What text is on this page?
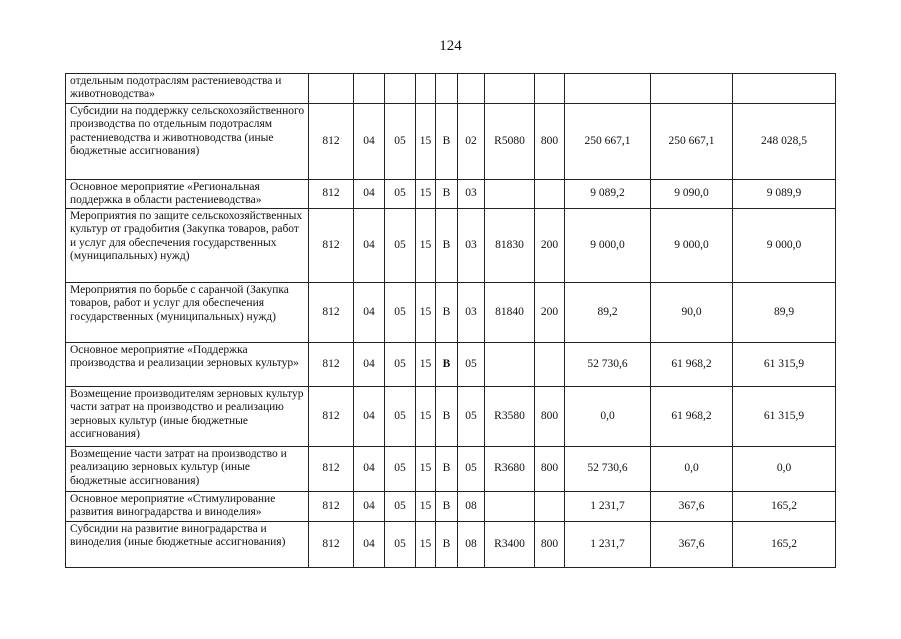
124
отдельным подотраслям растениеводства и животноводства»											
Субсидии на поддержку сельскохозяйственного производства по отдельным подотраслям растениеводства и животноводства (иные бюджетные ассигнования)	812	04	05	15	В	02	R5080	800	250 667,1	250 667,1	248 028,5
Основное мероприятие «Региональная поддержка в области растениеводства»	812	04	05	15	В	03			9 089,2	9 090,0	9 089,9
Мероприятия по защите сельскохозяйственных культур от градобития (Закупка товаров, работ и услуг для обеспечения государственных (муниципальных) нужд)	812	04	05	15	В	03	81830	200	9 000,0	9 000,0	9 000,0
Мероприятия по борьбе с саранчой (Закупка товаров, работ и услуг для обеспечения государственных (муниципальных) нужд)	812	04	05	15	В	03	81840	200	89,2	90,0	89,9
Основное мероприятие «Поддержка производства и реализации зерновых культур»	812	04	05	15	В	05			52 730,6	61 968,2	61 315,9
Возмещение производителям зерновых культур части затрат на производство и реализацию зерновых культур (иные бюджетные ассигнования)	812	04	05	15	В	05	R3580	800	0,0	61 968,2	61 315,9
Возмещение части затрат на производство и реализацию зерновых культур (иные бюджетные ассигнования)	812	04	05	15	В	05	R3680	800	52 730,6	0,0	0,0
Основное мероприятие «Стимулирование развития виноградарства и виноделия»	812	04	05	15	В	08			1 231,7	367,6	165,2
Субсидии на развитие виноградарства и виноделия (иные бюджетные ассигнования)	812	04	05	15	В	08	R3400	800	1 231,7	367,6	165,2
